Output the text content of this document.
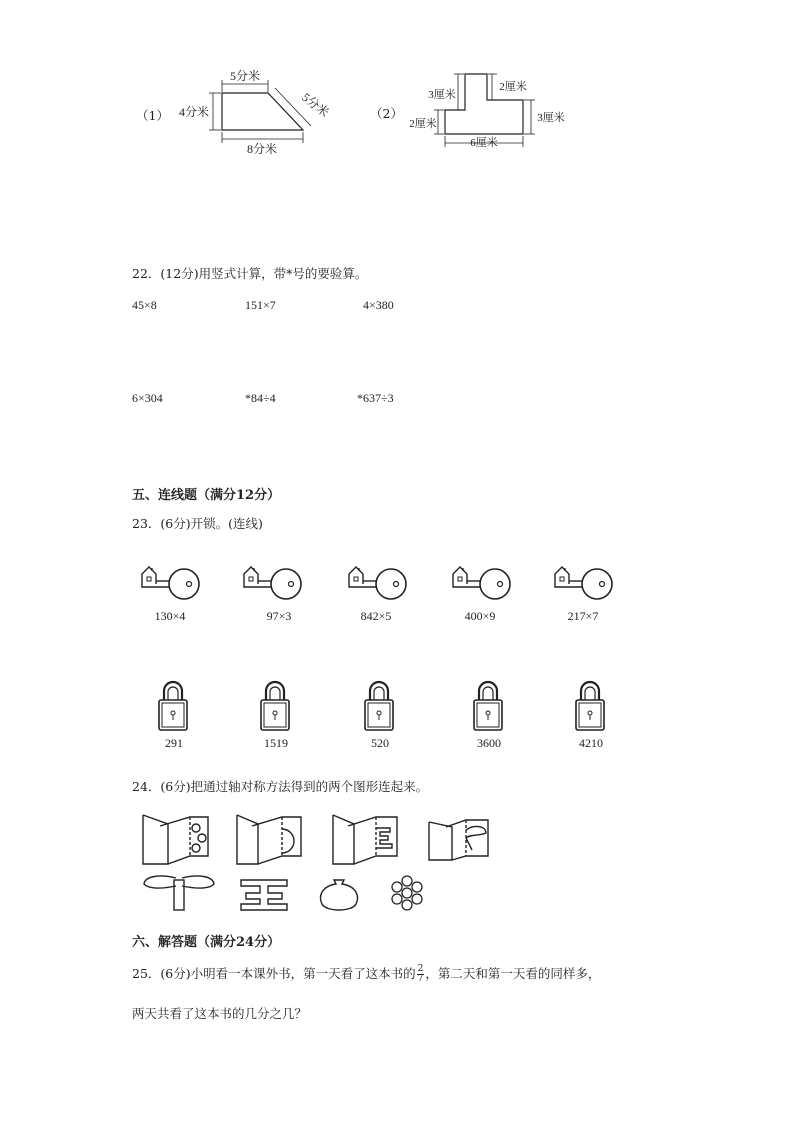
（1）
5分米
4分米	5分米
8分米
（2）
3厘米
2厘米
2厘米	3厘米
6厘米
22．(12分)用竖式计算，带*号的要验算。
45×8	151×7	4×380
6×304	*84÷4	*637÷3
五、连线题（满分12分）
23．(6分)开锁。(连线)
130×4	97×3	842×5	400×9	217×7
291	1519	520	3600	4210
24．(6分)把通过轴对称方法得到的两个图形连起来。
六、解答题（满分24分）
25．(6分)小明看一本课外书，第一天看了这本书的 $\frac{2}{7}$ ，第二天和第一天看的同样多，
两天共看了这本书的几分之几？
